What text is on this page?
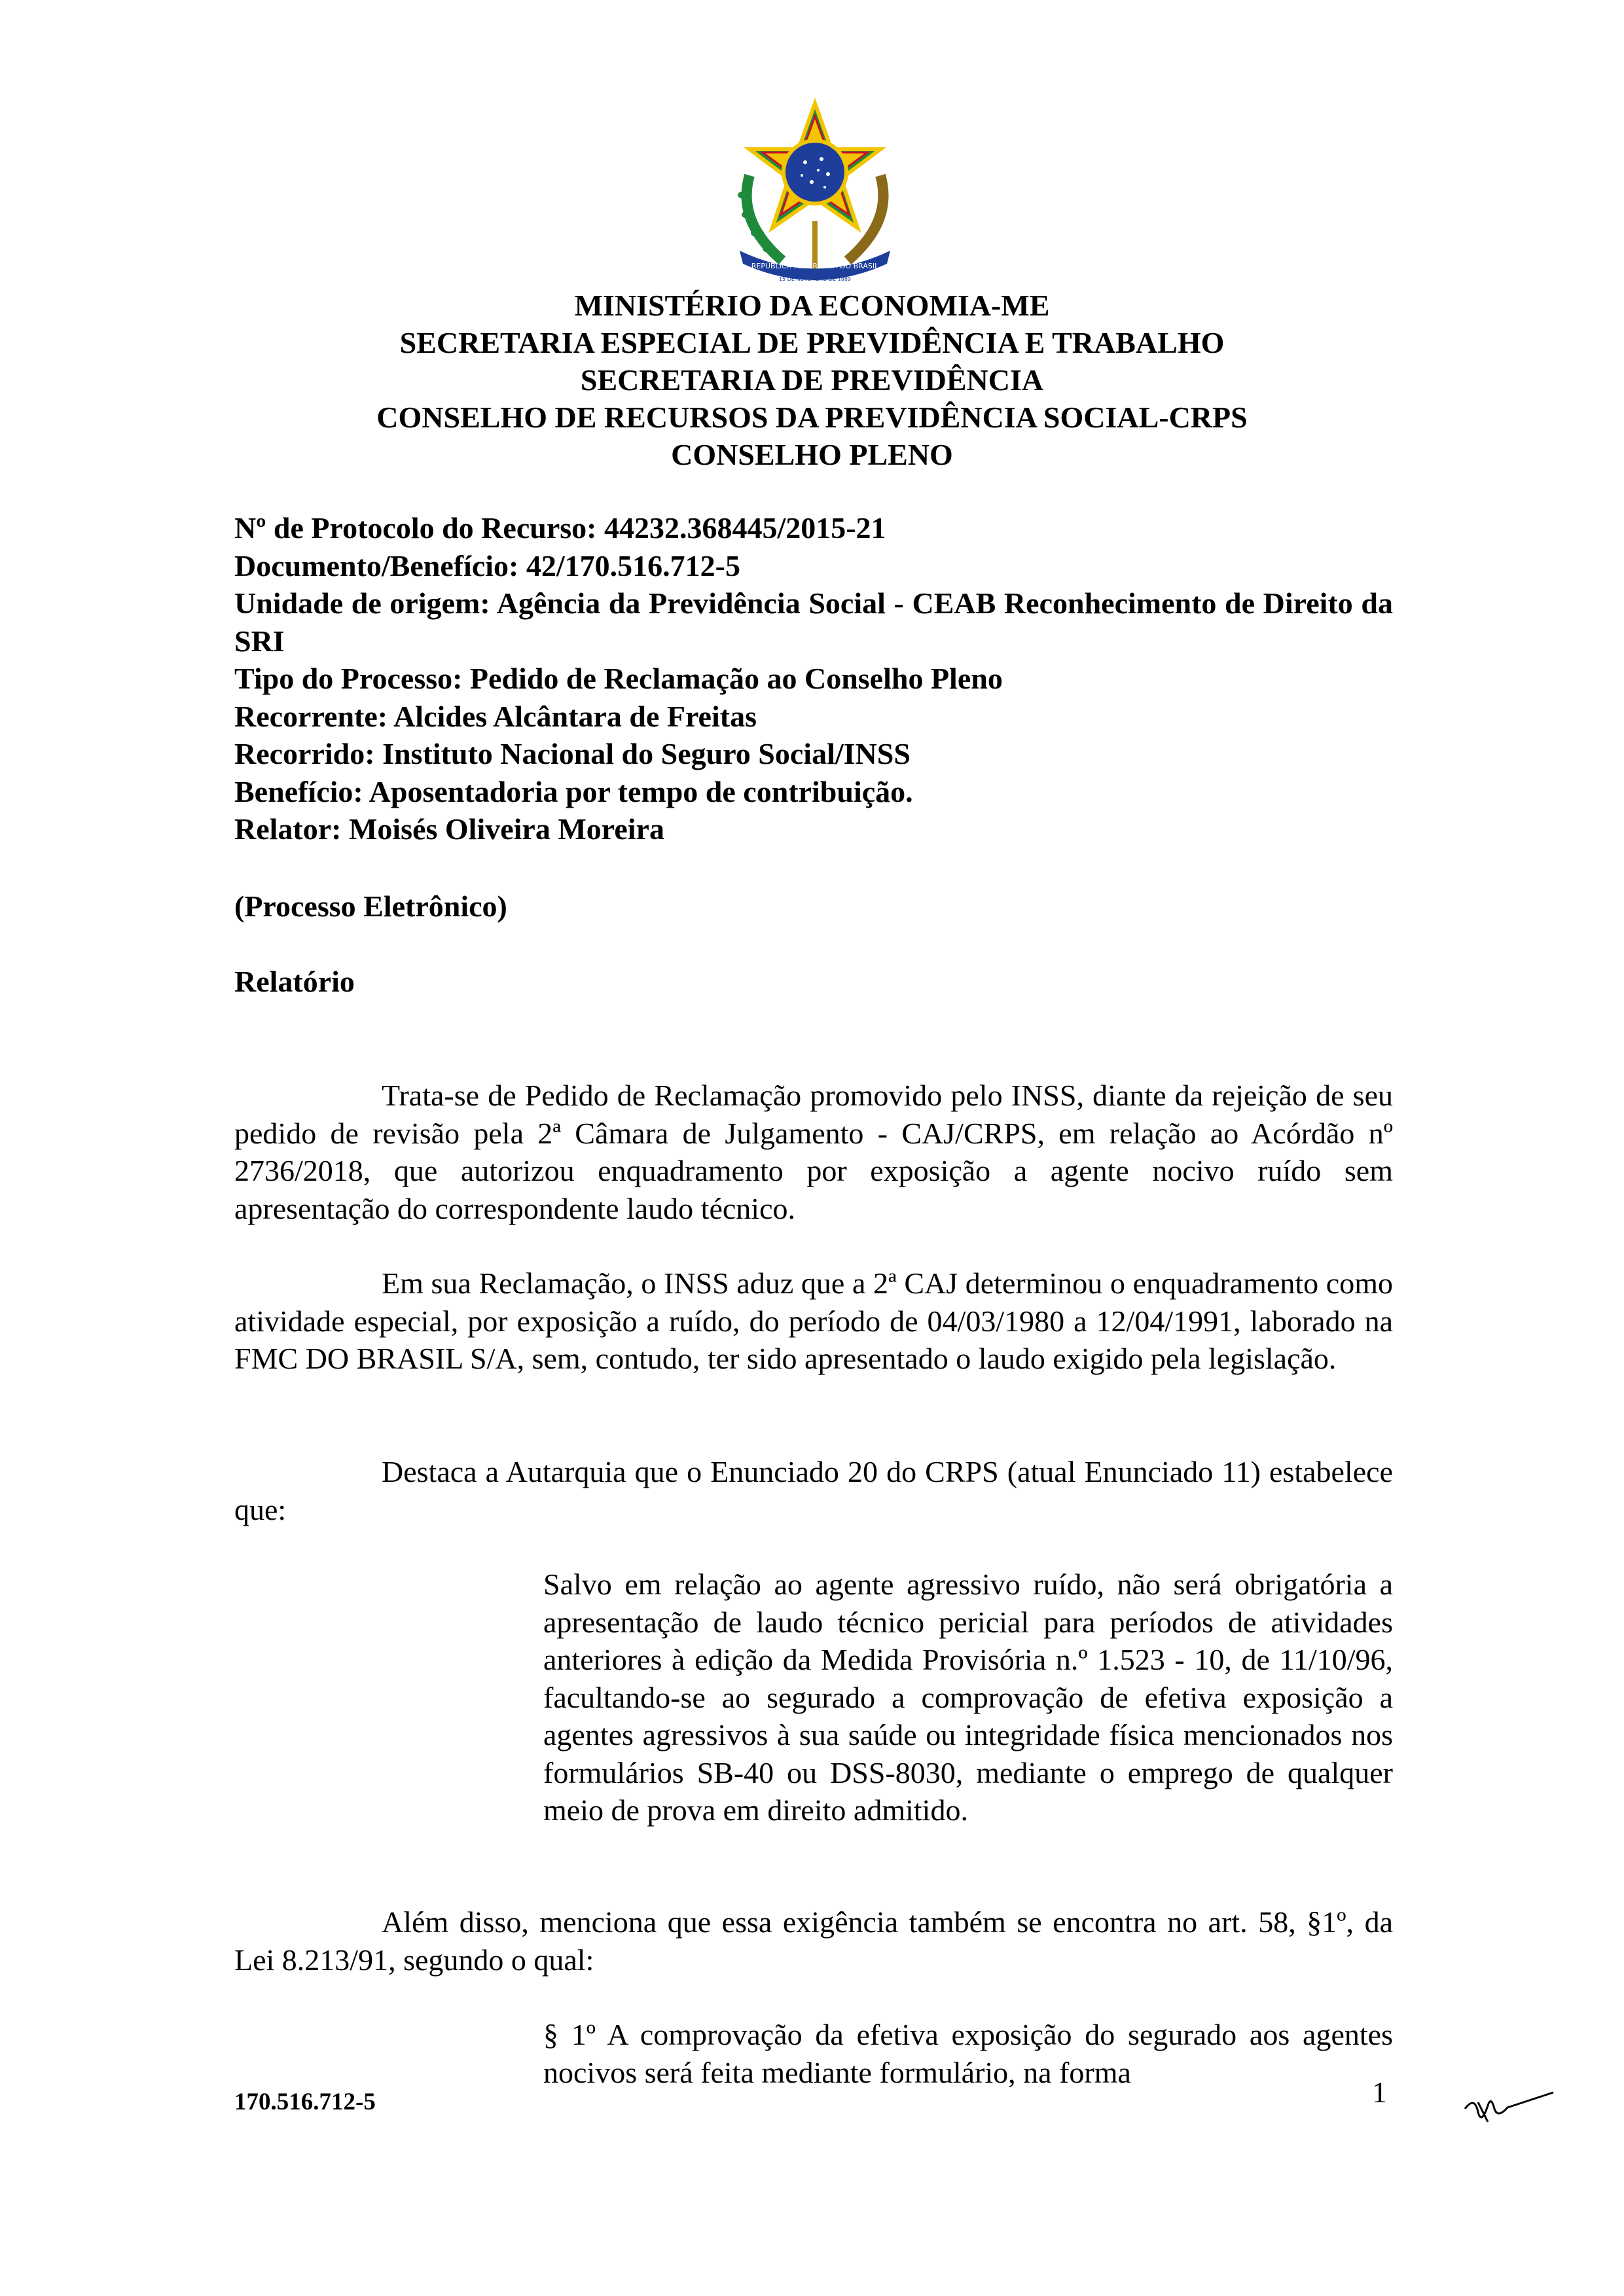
REPÚBLICA FEDERATIVA DO BRASIL
15 DE NOVEMBRO DE 1889
MINISTÉRIO DA ECONOMIA-ME
SECRETARIA ESPECIAL DE PREVIDÊNCIA E TRABALHO
SECRETARIA DE PREVIDÊNCIA
CONSELHO DE RECURSOS DA PREVIDÊNCIA SOCIAL-CRPS
CONSELHO PLENO
Nº de Protocolo do Recurso: 44232.368445/2015-21
Documento/Benefício: 42/170.516.712-5
Unidade de origem: Agência da Previdência Social - CEAB Reconhecimento de Direito da SRI
Tipo do Processo: Pedido de Reclamação ao Conselho Pleno
Recorrente: Alcides Alcântara de Freitas
Recorrido: Instituto Nacional do Seguro Social/INSS
Benefício: Aposentadoria por tempo de contribuição.
Relator: Moisés Oliveira Moreira
(Processo Eletrônico)
Relatório
Trata-se de Pedido de Reclamação promovido pelo INSS, diante da rejeição de seu pedido de revisão pela 2ª Câmara de Julgamento - CAJ/CRPS, em relação ao Acórdão nº 2736/2018, que autorizou enquadramento por exposição a agente nocivo ruído sem apresentação do correspondente laudo técnico.
Em sua Reclamação, o INSS aduz que a 2ª CAJ determinou o enquadramento como atividade especial, por exposição a ruído, do período de 04/03/1980 a 12/04/1991, laborado na FMC DO BRASIL S/A, sem, contudo, ter sido apresentado o laudo exigido pela legislação.
Destaca a Autarquia que o Enunciado 20 do CRPS (atual Enunciado 11) estabelece que:
Salvo em relação ao agente agressivo ruído, não será obrigatória a apresentação de laudo técnico pericial para períodos de atividades anteriores à edição da Medida Provisória n.º 1.523 - 10, de 11/10/96, facultando-se ao segurado a comprovação de efetiva exposição a agentes agressivos à sua saúde ou integridade física mencionados nos formulários SB-40 ou DSS-8030, mediante o emprego de qualquer meio de prova em direito admitido.
Além disso, menciona que essa exigência também se encontra no art. 58, §1º, da Lei 8.213/91, segundo o qual:
§ 1º A comprovação da efetiva exposição do segurado aos agentes nocivos será feita mediante formulário, na forma
170.516.712-5	1
